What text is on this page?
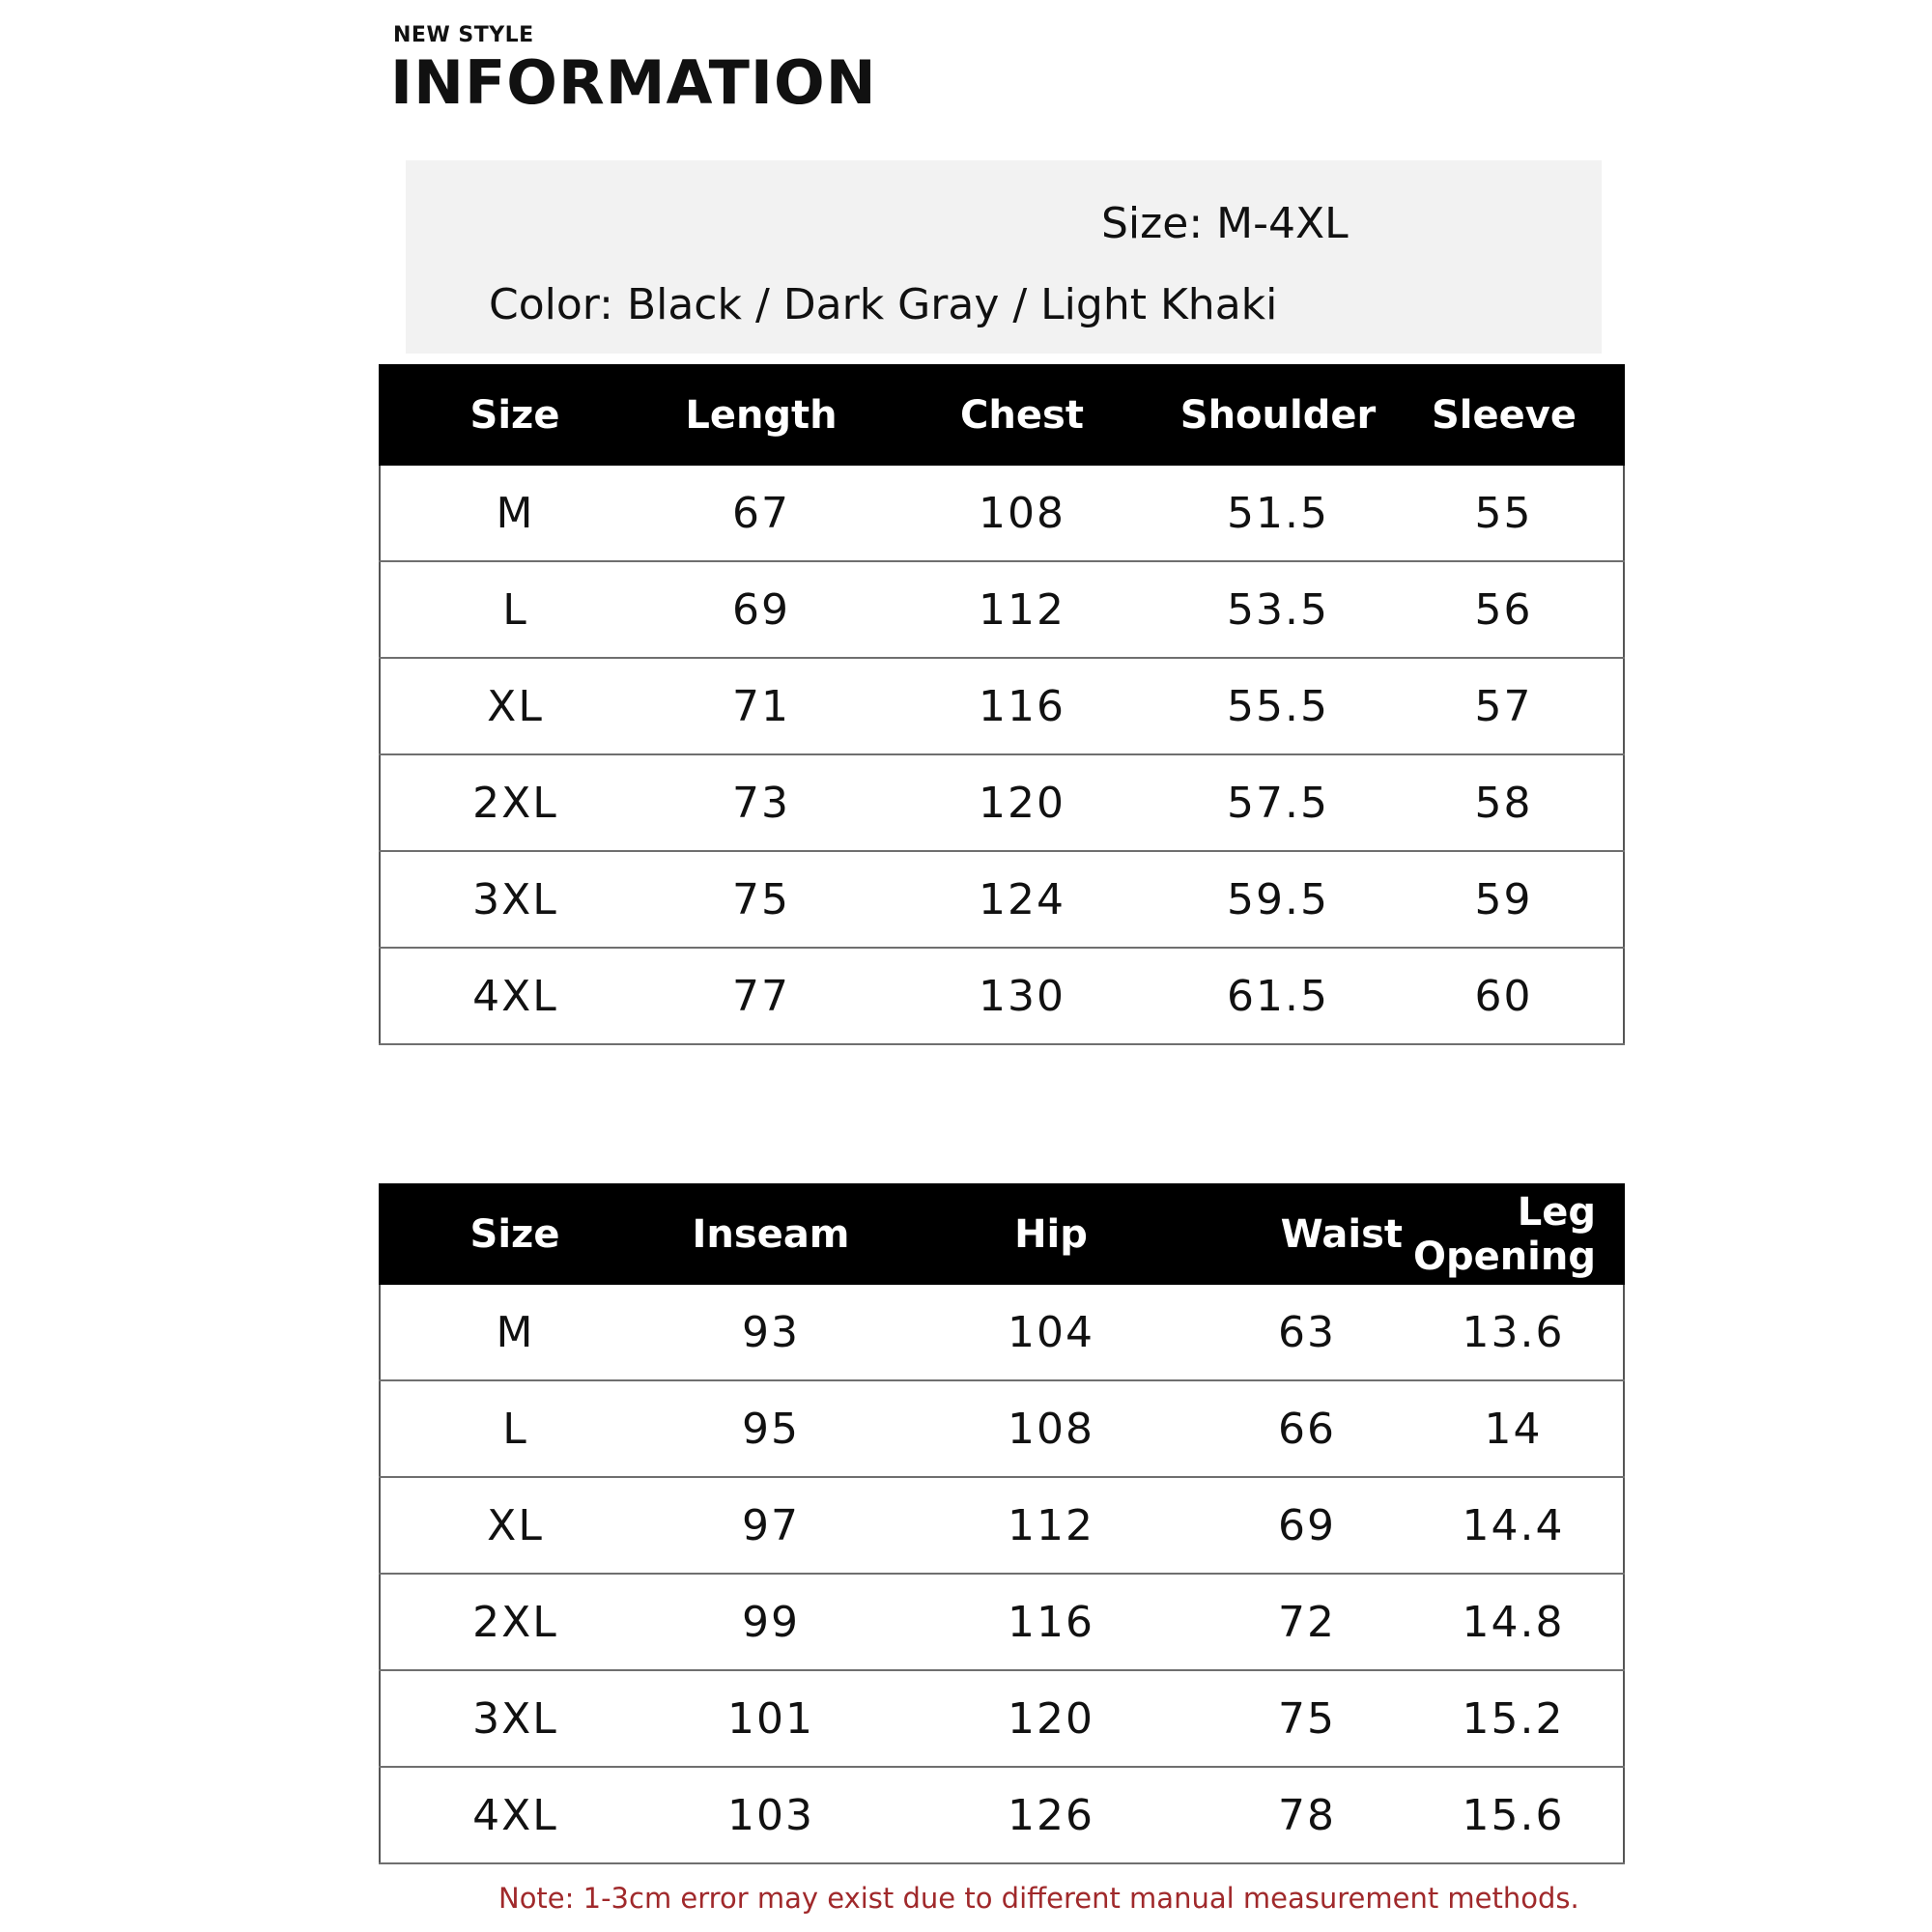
NEW STYLE
INFORMATION
Size: M-4XL
Color: Black / Dark Gray / Light Khaki
Size	Length	Chest	Shoulder	Sleeve
M	67	108	51.5	55
L	69	112	53.5	56
XL	71	116	55.5	57
2XL	73	120	57.5	58
3XL	75	124	59.5	59
4XL	77	130	61.5	60
Size	Inseam	Hip	Waist	Leg Opening
M	93	104	63	13.6
L	95	108	66	14
XL	97	112	69	14.4
2XL	99	116	72	14.8
3XL	101	120	75	15.2
4XL	103	126	78	15.6
Note: 1-3cm error may exist due to different manual measurement methods.
